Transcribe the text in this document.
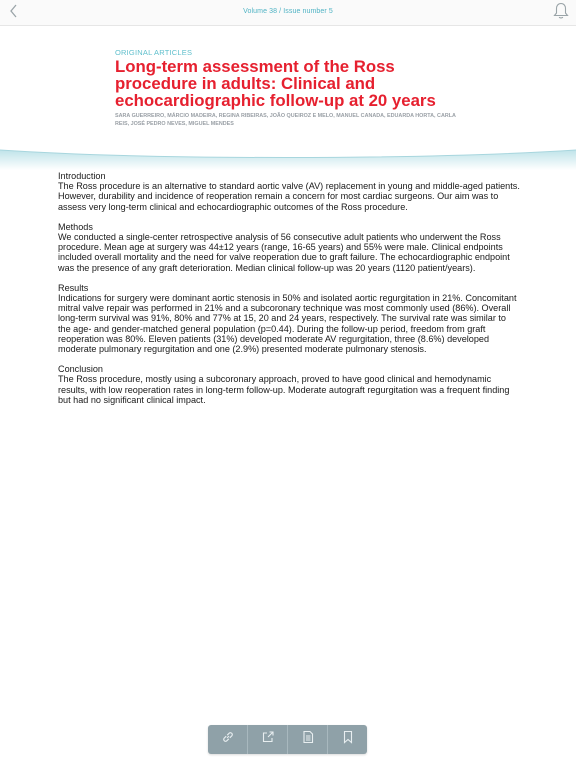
Volume 38 / Issue number 5
ORIGINAL ARTICLES
Long-term assessment of the Ross procedure in adults: Clinical and echocardiographic follow-up at 20 years
SARA GUERREIRO, MÁRCIO MADEIRA, REGINA RIBEIRAS, JOÃO QUEIROZ E MELO, MANUEL CANADA, EDUARDA HORTA, CARLA REIS, JOSÉ PEDRO NEVES, MIGUEL MENDES
Introduction
The Ross procedure is an alternative to standard aortic valve (AV) replacement in young and middle-aged patients. However, durability and incidence of reoperation remain a concern for most cardiac surgeons. Our aim was to assess very long-term clinical and echocardiographic outcomes of the Ross procedure.
Methods
We conducted a single-center retrospective analysis of 56 consecutive adult patients who underwent the Ross procedure. Mean age at surgery was 44±12 years (range, 16-65 years) and 55% were male. Clinical endpoints included overall mortality and the need for valve reoperation due to graft failure. The echocardiographic endpoint was the presence of any graft deterioration. Median clinical follow-up was 20 years (1120 patient/years).
Results
Indications for surgery were dominant aortic stenosis in 50% and isolated aortic regurgitation in 21%. Concomitant mitral valve repair was performed in 21% and a subcoronary technique was most commonly used (86%). Overall long-term survival was 91%, 80% and 77% at 15, 20 and 24 years, respectively. The survival rate was similar to the age- and gender-matched general population (p=0.44). During the follow-up period, freedom from graft reoperation was 80%. Eleven patients (31%) developed moderate AV regurgitation, three (8.6%) developed moderate pulmonary regurgitation and one (2.9%) presented moderate pulmonary stenosis.
Conclusion
The Ross procedure, mostly using a subcoronary approach, proved to have good clinical and hemodynamic results, with low reoperation rates in long-term follow-up. Moderate autograft regurgitation was a frequent finding but had no significant clinical impact.
